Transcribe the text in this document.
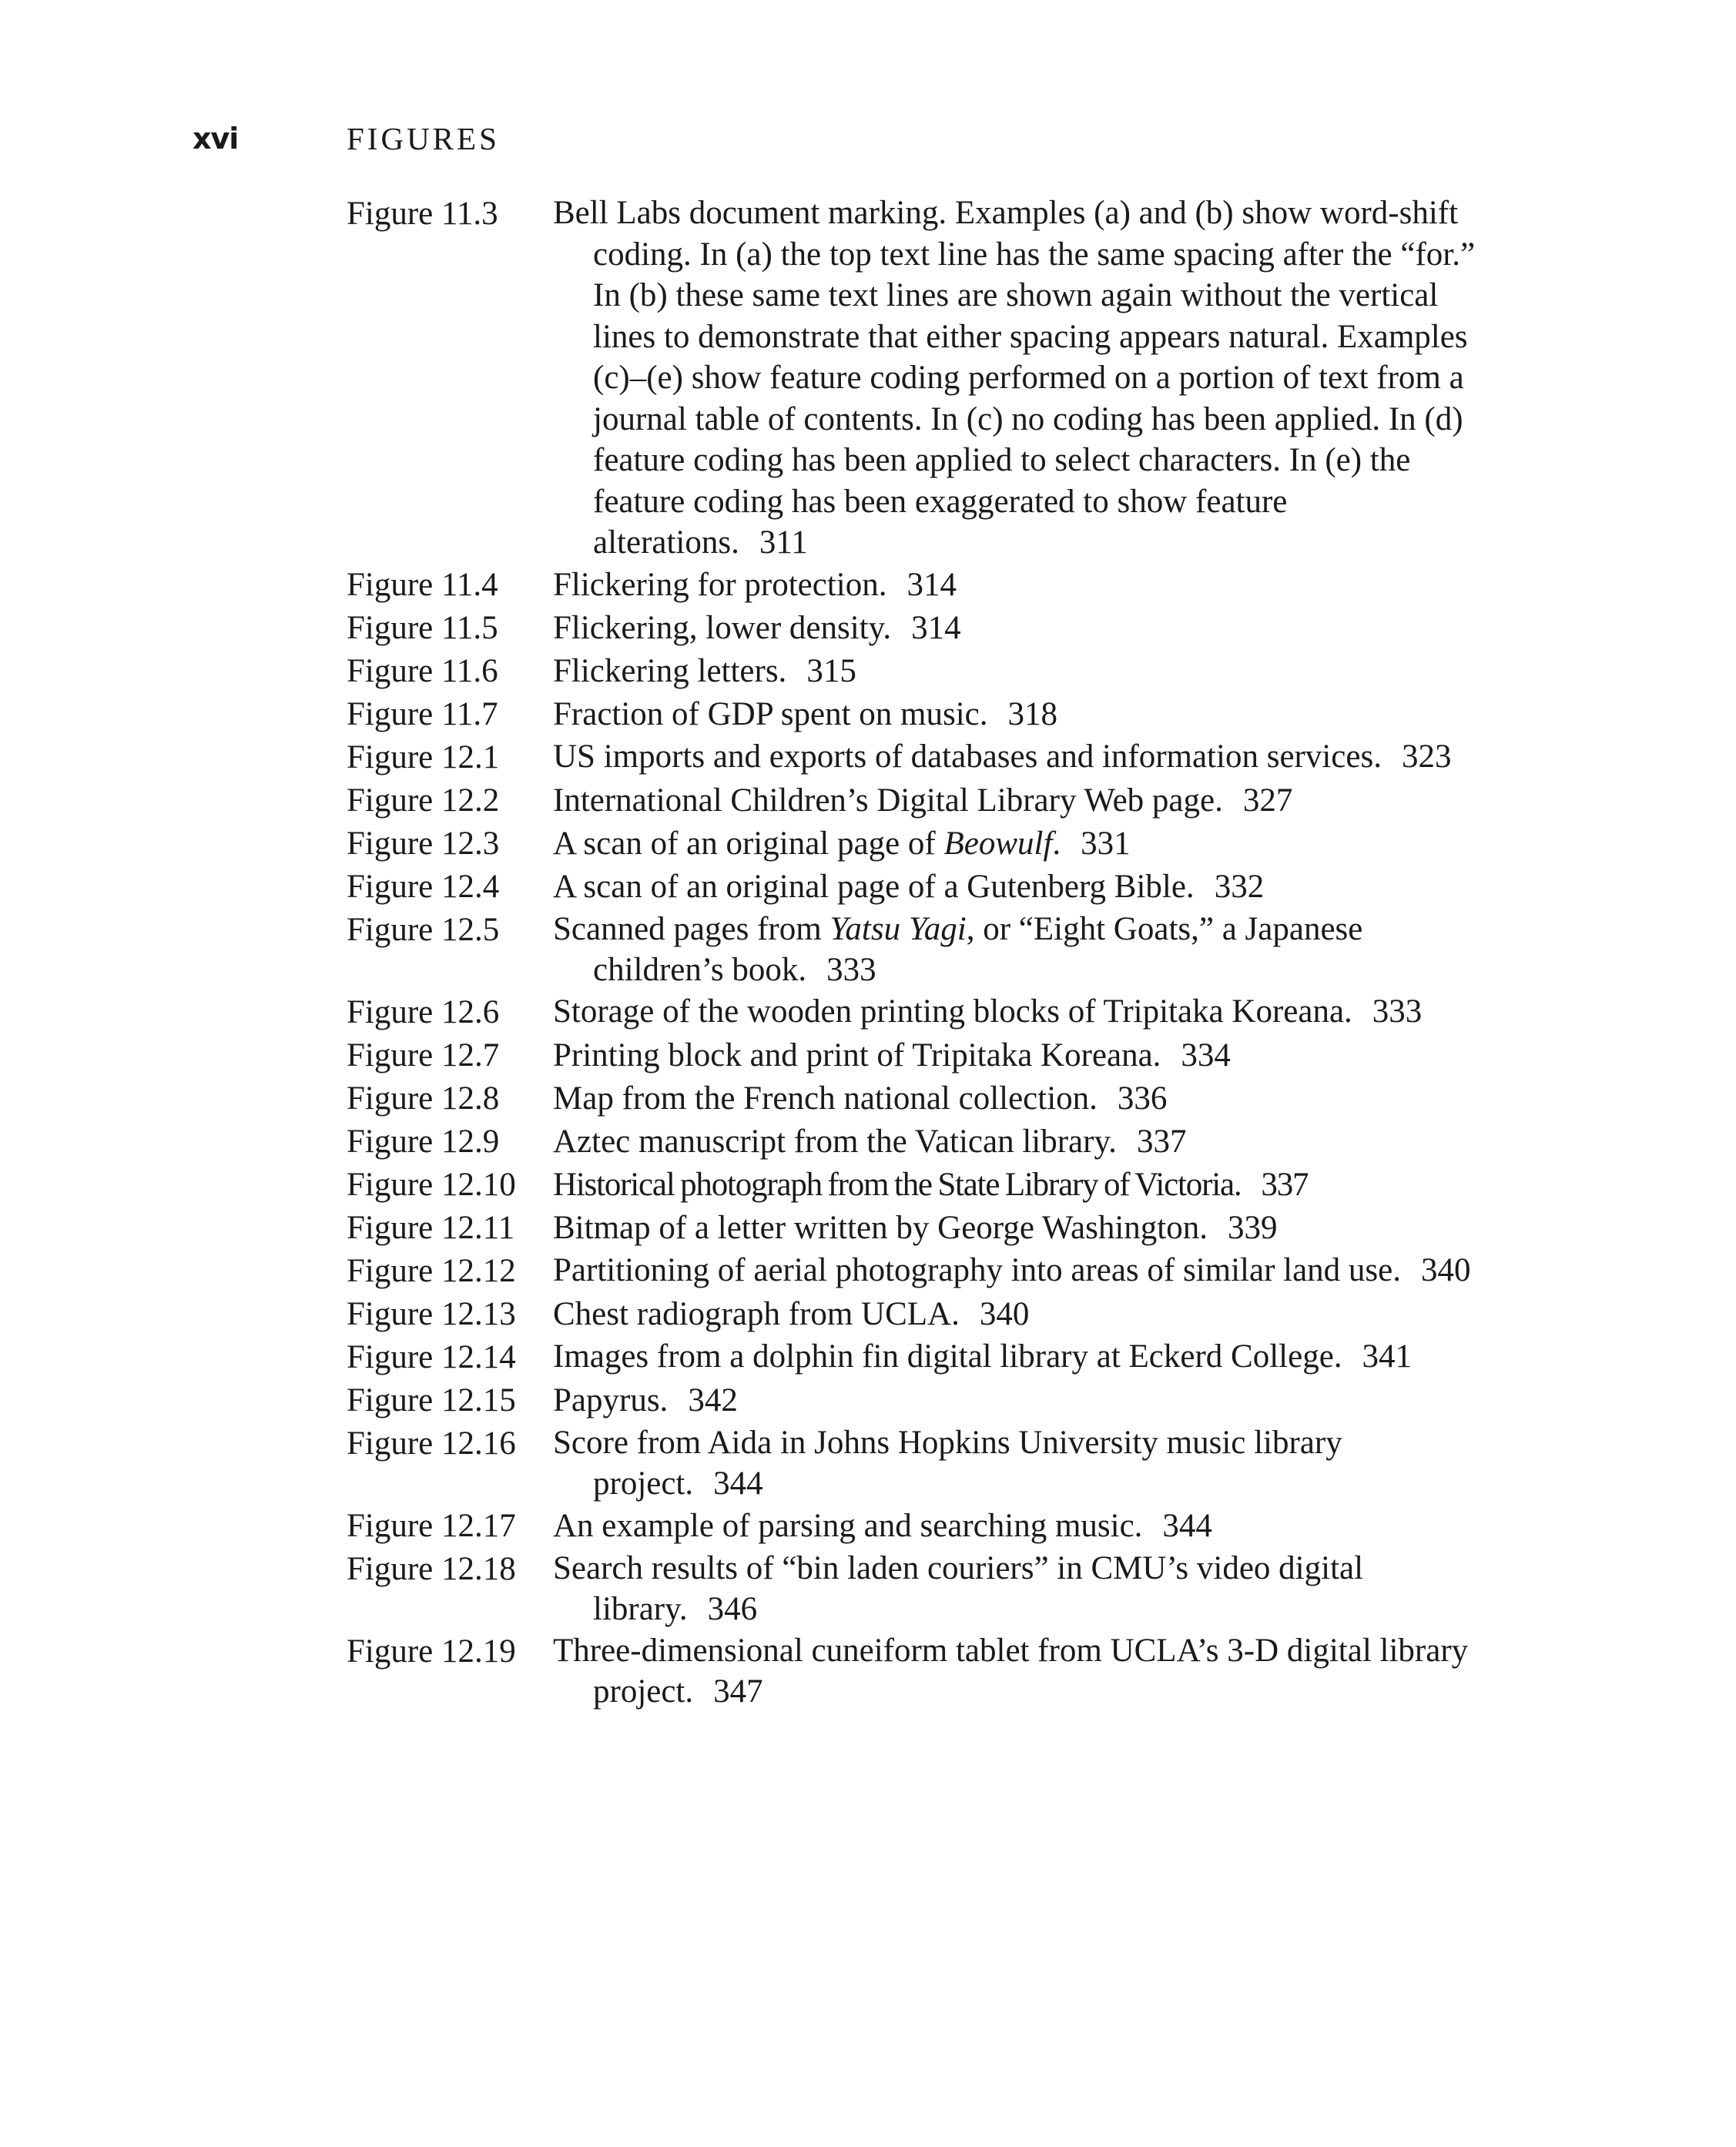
xvi	FIGURES
Figure 11.3	Bell Labs document marking. Examples (a) and (b) show word-shift coding. In (a) the top text line has the same spacing after the “for.” In (b) these same text lines are shown again without the vertical lines to demonstrate that either spacing appears natural. Examples (c)–(e) show feature coding performed on a portion of text from a journal table of contents. In (c) no coding has been applied. In (d) feature coding has been applied to select characters. In (e) the feature coding has been exaggerated to show feature alterations. 311

Figure 11.4	Flickering for protection. 314

Figure 11.5	Flickering, lower density. 314

Figure 11.6	Flickering letters. 315

Figure 11.7	Fraction of GDP spent on music. 318

Figure 12.1	US imports and exports of databases and information services. 323

Figure 12.2	International Children’s Digital Library Web page. 327

Figure 12.3	A scan of an original page of Beowulf. 331

Figure 12.4	A scan of an original page of a Gutenberg Bible. 332

Figure 12.5	Scanned pages from Yatsu Yagi, or “Eight Goats,” a Japanese children’s book. 333

Figure 12.6	Storage of the wooden printing blocks of Tripitaka Koreana. 333

Figure 12.7	Printing block and print of Tripitaka Koreana. 334

Figure 12.8	Map from the French national collection. 336

Figure 12.9	Aztec manuscript from the Vatican library. 337

Figure 12.10	Historical photograph from the State Library of Victoria. 337

Figure 12.11	Bitmap of a letter written by George Washington. 339

Figure 12.12	Partitioning of aerial photography into areas of similar land use. 340

Figure 12.13	Chest radiograph from UCLA. 340

Figure 12.14	Images from a dolphin fin digital library at Eckerd College. 341

Figure 12.15	Papyrus. 342

Figure 12.16	Score from Aida in Johns Hopkins University music library project. 344

Figure 12.17	An example of parsing and searching music. 344

Figure 12.18	Search results of “bin laden couriers” in CMU’s video digital library. 346

Figure 12.19	Three-dimensional cuneiform tablet from UCLA’s 3-D digital library project. 347
